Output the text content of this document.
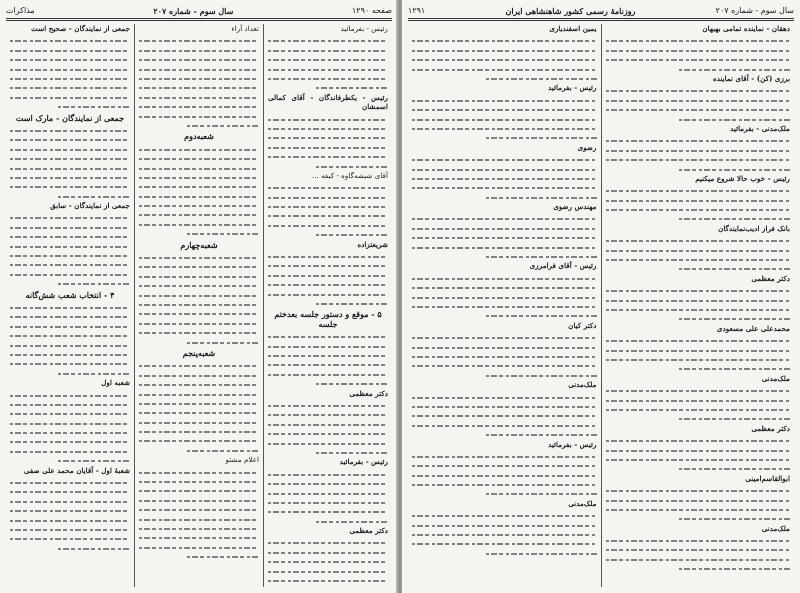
صفحه ۱۲۹۰
سال سوم - شماره ۲۰۷
مذاکرات

رئیس - بفرمائید

رئیس - یکطرفاندگان - آقای کمالی اسمشان

آقای شیشه‌گاوه - کیفه ...

شریعتزاده

۵ - موقع و دستور جلسه بعدختم جلسه

دکتر معظمی

رئیس - بفرمائید

دکتر معظمی

تعداد آراء

شعبه‌دوم
شعبه‌چهارم
شعبه‌پنجم

اعلام مشتو

جمعی از نمایندگان - صحیح است

جمعی از نمایندگان - مارک است

جمعی از نمایندگان - سابق

۴ - انتخاب شعب شش‌گانه

شعبه اول

شعبهٔ اول - آقایان محمد علی صفی

سال سوم - شماره ۲۰۷
روزنامهٔ رسمی کشور شاهنشاهی ایران
۱۲۹۱

دهقان - نماینده تمامی بهبهان

برزی (کن) - آقای نماینده

ملک‌مدنی - بفرمائید

رئیس - خوب حالا شروع میکنیم

بانک فراز ادیب‌نمایندگان

دکتر معظمی

محمدعلی علی مسعودی

ملک‌مدنی

دکتر معظمی

ابوالقاسم‌امینی

ملک‌مدنی

یمین اسفندیاری

رئیس - بفرمائید

رضوی

مهندس رضوی

رئیس - آقای فرامرزی

دکتر کیان

ملک‌مدنی

رئیس - بفرمائید

ملک‌مدنی
